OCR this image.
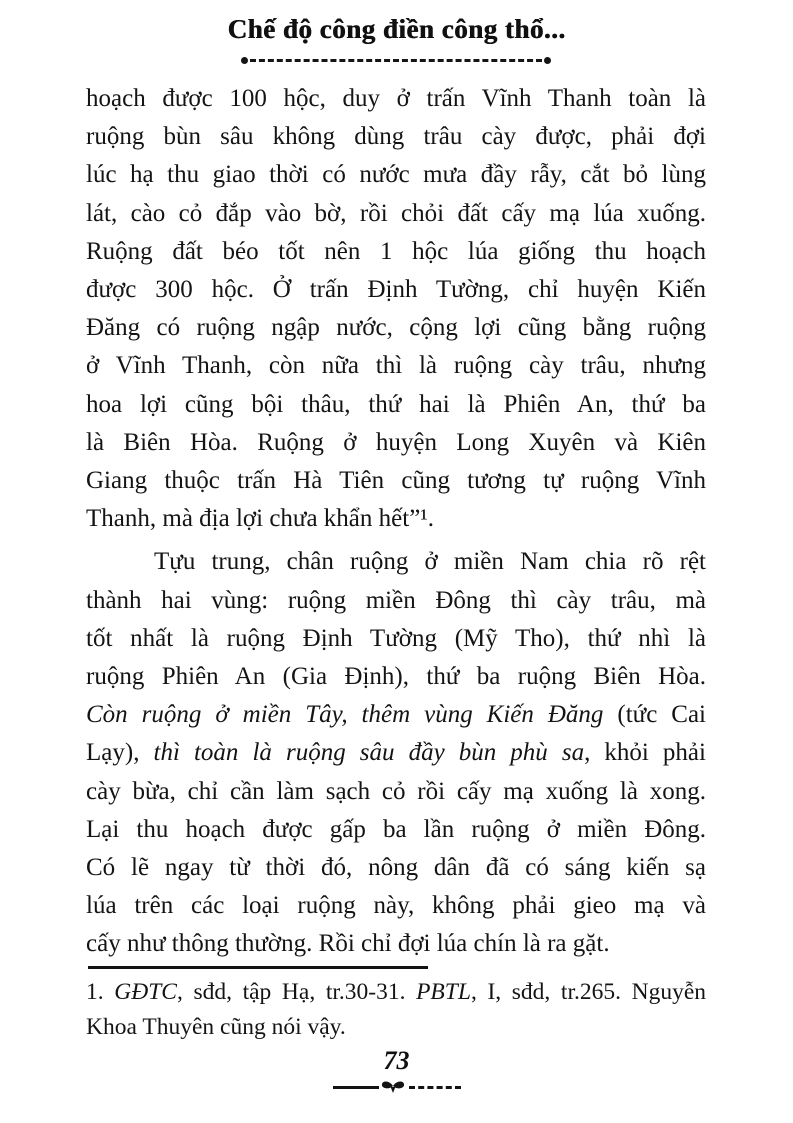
Chế độ công điền công thổ...
hoạch được 100 hộc, duy ở trấn Vĩnh Thanh toàn là
ruộng bùn sâu không dùng trâu cày được, phải đợi
lúc hạ thu giao thời có nước mưa đầy rẫy, cắt bỏ lùng
lát, cào cỏ đắp vào bờ, rồi chỏi đất cấy mạ lúa xuống.
Ruộng đất béo tốt nên 1 hộc lúa giống thu hoạch
được 300 hộc. Ở trấn Định Tường, chỉ huyện Kiến
Đăng có ruộng ngập nước, cộng lợi cũng bằng ruộng
ở Vĩnh Thanh, còn nữa thì là ruộng cày trâu, nhưng
hoa lợi cũng bội thâu, thứ hai là Phiên An, thứ ba
là Biên Hòa. Ruộng ở huyện Long Xuyên và Kiên
Giang thuộc trấn Hà Tiên cũng tương tự ruộng Vĩnh
Thanh, mà địa lợi chưa khẩn hết”¹.
Tựu trung, chân ruộng ở miền Nam chia rõ rệt
thành hai vùng: ruộng miền Đông thì cày trâu, mà
tốt nhất là ruộng Định Tường (Mỹ Tho), thứ nhì là
ruộng Phiên An (Gia Định), thứ ba ruộng Biên Hòa.
Còn ruộng ở miền Tây, thêm vùng Kiến Đăng (tức Cai
Lạy), thì toàn là ruộng sâu đầy bùn phù sa, khỏi phải
cày bừa, chỉ cần làm sạch cỏ rồi cấy mạ xuống là xong.
Lại thu hoạch được gấp ba lần ruộng ở miền Đông.
Có lẽ ngay từ thời đó, nông dân đã có sáng kiến sạ
lúa trên các loại ruộng này, không phải gieo mạ và
cấy như thông thường. Rồi chỉ đợi lúa chín là ra gặt.
1. GĐTC, sđd, tập Hạ, tr.30-31. PBTL, I, sđd, tr.265. Nguyễn
Khoa Thuyên cũng nói vậy.
73
